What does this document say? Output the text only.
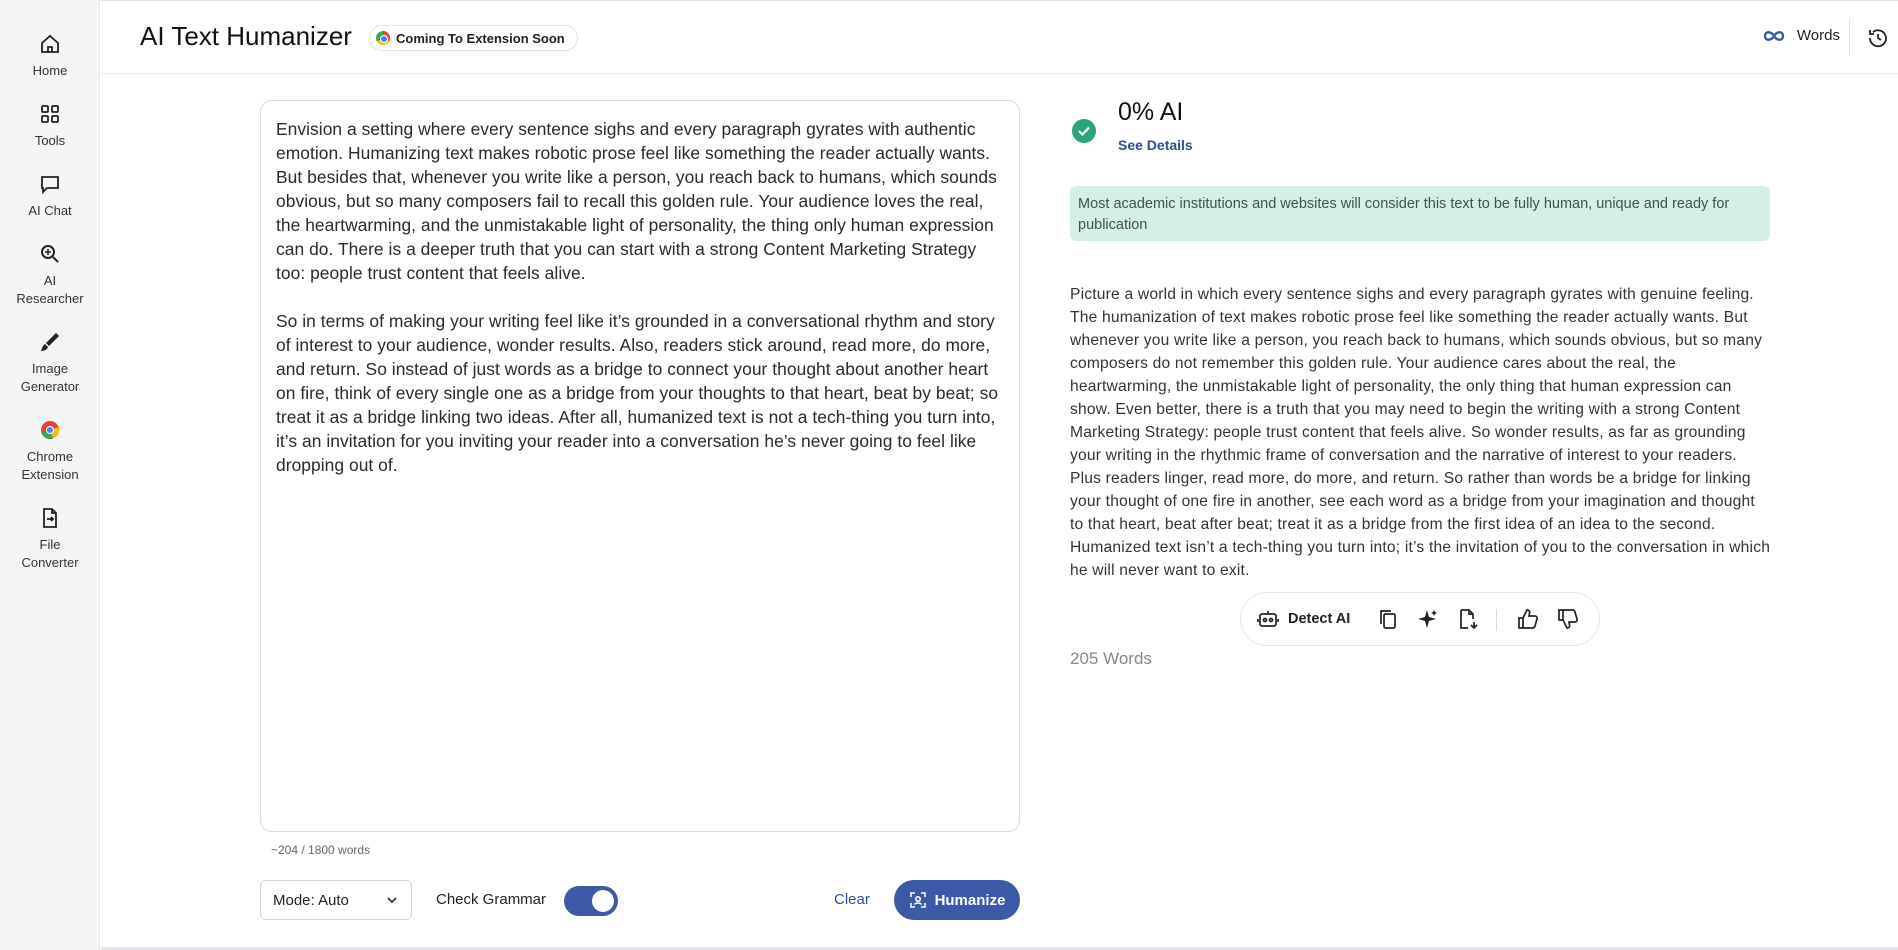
Home
Tools
AI Chat
AI
Researcher
Image
Generator
Chrome
Extension
File
Converter
AI Text Humanizer	Coming To Extension Soon	Words

Envision a setting where every sentence sighs and every paragraph gyrates with authentic emotion. Humanizing text makes robotic prose feel like something the reader actually wants. But besides that, whenever you write like a person, you reach back to humans, which sounds obvious, but so many composers fail to recall this golden rule. Your audience loves the real, the heartwarming, and the unmistakable light of personality, the thing only human expression can do. There is a deeper truth that you can start with a strong Content Marketing Strategy too: people trust content that feels alive.

So in terms of making your writing feel like it’s grounded in a conversational rhythm and story of interest to your audience, wonder results. Also, readers stick around, read more, do more, and return. So instead of just words as a bridge to connect your thought about another heart on fire, think of every single one as a bridge from your thoughts to that heart, beat by beat; so treat it as a bridge linking two ideas. After all, humanized text is not a tech-thing you turn into, it’s an invitation for you inviting your reader into a conversation he’s never going to feel like dropping out of.

~204 / 1800 words
Mode: Auto	Check Grammar	Clear	Humanize
0% AI
See Details
Most academic institutions and websites will consider this text to be fully human, unique and ready for publication
Picture a world in which every sentence sighs and every paragraph gyrates with genuine feeling. The humanization of text makes robotic prose feel like something the reader actually wants. But whenever you write like a person, you reach back to humans, which sounds obvious, but so many composers do not remember this golden rule. Your audience cares about the real, the heartwarming, the unmistakable light of personality, the only thing that human expression can show. Even better, there is a truth that you may need to begin the writing with a strong Content Marketing Strategy: people trust content that feels alive. So wonder results, as far as grounding your writing in the rhythmic frame of conversation and the narrative of interest to your readers. Plus readers linger, read more, do more, and return. So rather than words be a bridge for linking your thought of one fire in another, see each word as a bridge from your imagination and thought to that heart, beat after beat; treat it as a bridge from the first idea of an idea to the second. Humanized text isn’t a tech-thing you turn into; it’s the invitation of you to the conversation in which he will never want to exit.
Detect AI
205 Words
